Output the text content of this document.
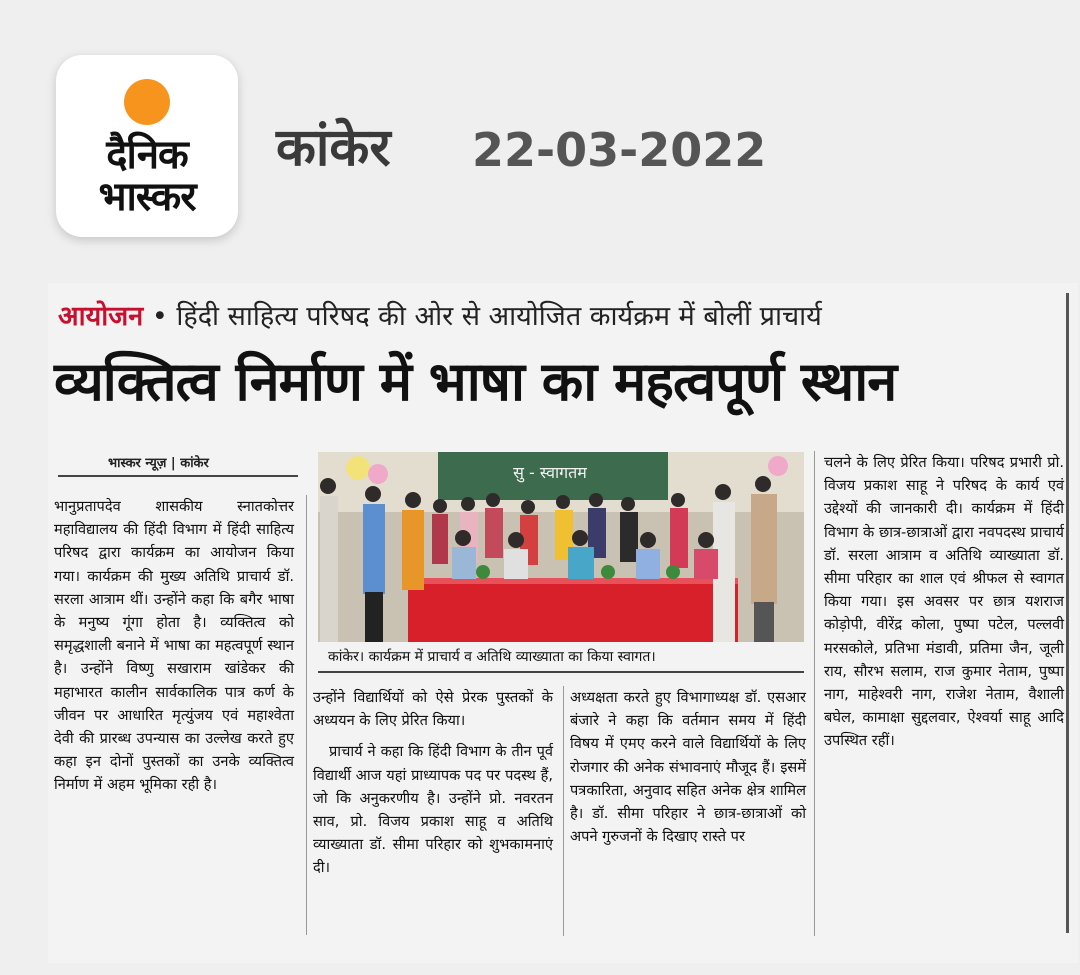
दैनिक
भास्कर
कांकेर 22-03-2022
आयोजन • हिंदी साहित्य परिषद की ओर से आयोजित कार्यक्रम में बोलीं प्राचार्य
व्यक्तित्व निर्माण में भाषा का महत्वपूर्ण स्थान
भास्कर न्यूज़ | कांकेर

भानुप्रतापदेव शासकीय स्नातकोत्तर महाविद्यालय की हिंदी विभाग में हिंदी साहित्य परिषद द्वारा कार्यक्रम का आयोजन किया गया। कार्यक्रम की मुख्य अतिथि प्राचार्य डॉ. सरला आत्राम थीं। उन्होंने कहा कि बगैर भाषा के मनुष्य गूंगा होता है। व्यक्तित्व को समृद्धशाली बनाने में भाषा का महत्वपूर्ण स्थान है। उन्होंने विष्णु सखाराम खांडेकर की महाभारत कालीन सार्वकालिक पात्र कर्ण के जीवन पर आधारित मृत्युंजय एवं महाश्वेता देवी की प्रारब्ध उपन्यास का उल्लेख करते हुए कहा इन दोनों पुस्तकों का उनके व्यक्तित्व निर्माण में अहम भूमिका रही है।

सु - स्वागतम
कांकेर। कार्यक्रम में प्राचार्य व अतिथि व्याख्याता का किया स्वागत।

उन्होंने विद्यार्थियों को ऐसे प्रेरक पुस्तकों के अध्ययन के लिए प्रेरित किया।

प्राचार्य ने कहा कि हिंदी विभाग के तीन पूर्व विद्यार्थी आज यहां प्राध्यापक पद पर पदस्थ हैं, जो कि अनुकरणीय है। उन्होंने प्रो. नवरतन साव, प्रो. विजय प्रकाश साहू व अतिथि व्याख्याता डॉ. सीमा परिहार को शुभकामनाएं दी।

अध्यक्षता करते हुए विभागाध्यक्ष डॉ. एसआर बंजारे ने कहा कि वर्तमान समय में हिंदी विषय में एमए करने वाले विद्यार्थियों के लिए रोजगार की अनेक संभावनाएं मौजूद हैं। इसमें पत्रकारिता, अनुवाद सहित अनेक क्षेत्र शामिल है। डॉ. सीमा परिहार ने छात्र-छात्राओं को अपने गुरुजनों के दिखाए रास्ते पर

चलने के लिए प्रेरित किया। परिषद प्रभारी प्रो. विजय प्रकाश साहू ने परिषद के कार्य एवं उद्देश्यों की जानकारी दी। कार्यक्रम में हिंदी विभाग के छात्र-छात्राओं द्वारा नवपदस्थ प्राचार्य डॉ. सरला आत्राम व अतिथि व्याख्याता डॉ. सीमा परिहार का शाल एवं श्रीफल से स्वागत किया गया। इस अवसर पर छात्र यशराज कोड़ोपी, वीरेंद्र कोला, पुष्पा पटेल, पल्लवी मरसकोले, प्रतिभा मंडावी, प्रतिमा जैन, जूली राय, सौरभ सलाम, राज कुमार नेताम, पुष्पा नाग, माहेश्वरी नाग, राजेश नेताम, वैशाली बघेल, कामाक्षा सुद्दलवार, ऐश्वर्या साहू आदि उपस्थित रहीं।
